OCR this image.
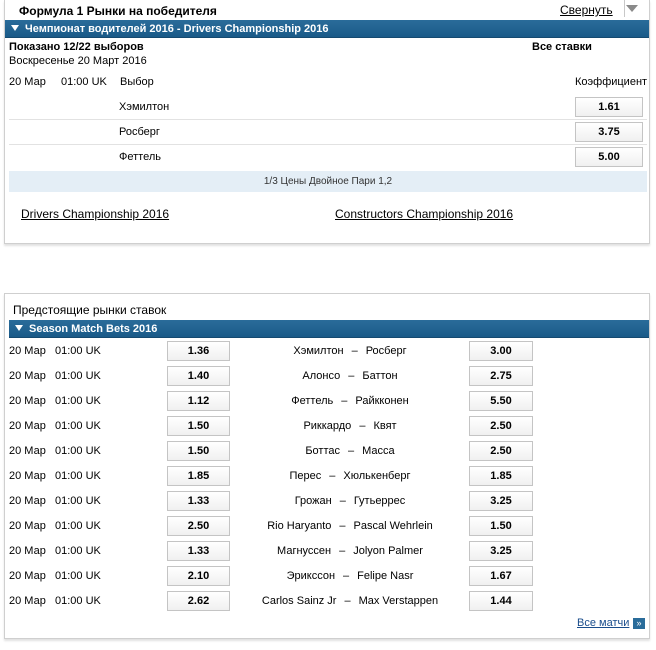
Формула 1 Рынки на победителя	Свернуть
Чемпионат водителей 2016 - Drivers Championship 2016
Показано 12/22 выборов	Все ставки
Воскресенье 20 Март 2016
20 Мар 01:00 UK Выбор	Коэффициент
Хэмилтон	1.61
Росберг	3.75
Феттель	5.00
1/3 Цены Двойное Пари 1,2
Drivers Championship 2016	Constructors Championship 2016
Предстоящие рынки ставок
Season Match Bets 2016
20 Мар 01:00 UK	1.36	Хэмилтон – Росберг	3.00
20 Мар 01:00 UK	1.40	Алонсо – Баттон	2.75
20 Мар 01:00 UK	1.12	Феттель – Райкконен	5.50
20 Мар 01:00 UK	1.50	Риккардо – Квят	2.50
20 Мар 01:00 UK	1.50	Боттас – Масса	2.50
20 Мар 01:00 UK	1.85	Перес – Хюлькенберг	1.85
20 Мар 01:00 UK	1.33	Грожан – Гутьеррес	3.25
20 Мар 01:00 UK	2.50	Rio Haryanto – Pascal Wehrlein	1.50
20 Мар 01:00 UK	1.33	Магнуссен – Jolyon Palmer	3.25
20 Мар 01:00 UK	2.10	Эрикссон – Felipe Nasr	1.67
20 Мар 01:00 UK	2.62	Carlos Sainz Jr – Max Verstappen	1.44
Все матчи »
